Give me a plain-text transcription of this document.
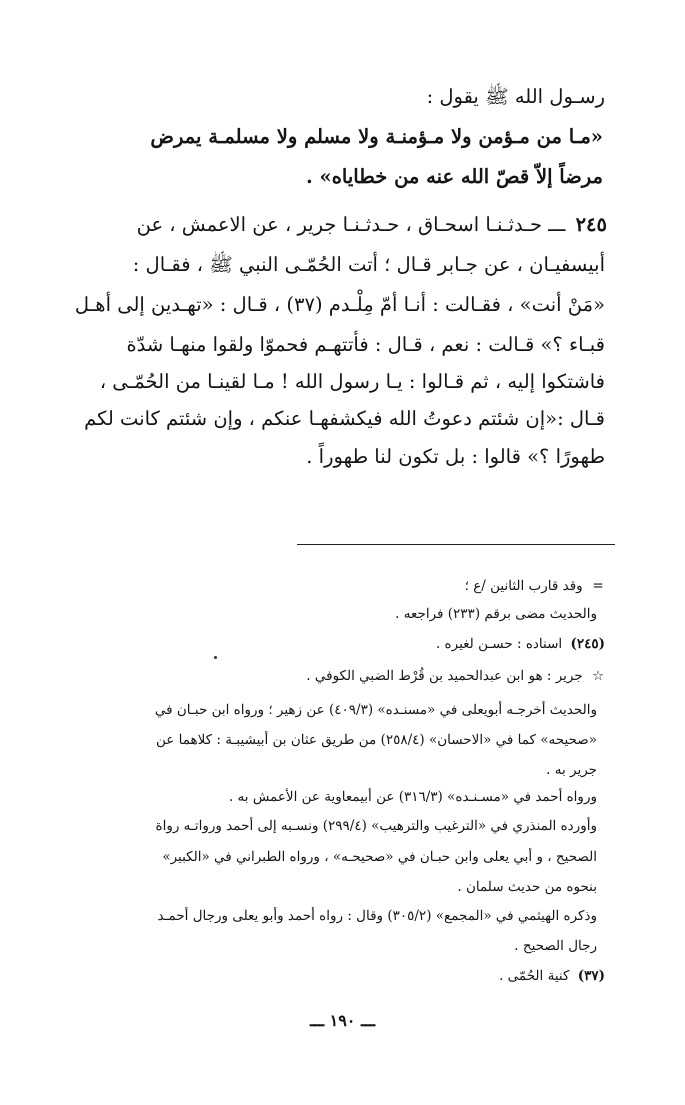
رسـول الله ﷺ يقول :
«مـا من مـؤمن ولا مـؤمنـة ولا مسلم ولا مسلمـة يمرض
مرضاً إلاّ قصّ الله عنه من خطاياه» .
٢٤٥ ـــ حـدثـنـا اسحـاق ، حـدثـنـا جرير ، عن الاعمش ، عن
أبيسفيـان ، عن جـابر قـال ؛ أتت الحُمّـى النبي ﷺ ، فقـال :
«مَنْ أنت» ، فقـالت : أنـا أمّ مِلْـدم (٣٧) ، قـال : «تهـدين إلى أهـل
قبـاء ؟» قـالت : نعم ، قـال : فأتتهـم فحموّا ولقوا منهـا شدّة
فاشتكوا إليه ، ثم قـالوا : يـا رسول الله ! مـا لقينـا من الحُمّـى ،
قـال :«إن شئتم دعوتُ الله فيكشفهـا عنكم ، وإن شئتم كانت لكم
طهورًا ؟» قالوا : بل تكون لنا طهوراً .
= وقد قارب الثانين /ع ؛
والحديث مضى برقم (٢٣٣) فراجعه .
(٢٤٥) اسناده : حسـن لغيره .
☆ جرير : هو ابن عبدالحميد بن قُرْط الضبي الكوفي .
والحديث أخرجـه أبويعلى في «مسنـده» (٤٠٩/٣) عن زهير ؛ ورواه ابن حبـان في
«صحيحه» كما في «الاحسان» (٢٥٨/٤) من طريق عثان بن أبيشيبـة : كلاهما عن
جرير به .
ورواه أحمد في «مسـنـده» (٣١٦/٣) عن أبيمعاوية عن الأعمش به .
وأورده المنذري في «الترغيب والترهيب» (٢٩٩/٤) ونسـبه إلى أحمد ورواتـه رواة
الصحيح ، و أبي يعلى وابن حبـان في «صحيحـه» ، ورواه الطبراني في «الكبير»
بنحوه من حديث سلمان .
وذكره الهيثمي في «المجمع» (٣٠٥/٢) وقال : رواه أحمد وأبو يعلى ورجال أحمـد
رجال الصحيح .
(٣٧) كنية الحُمّى .
ـــ ١٩٠ ـــ
